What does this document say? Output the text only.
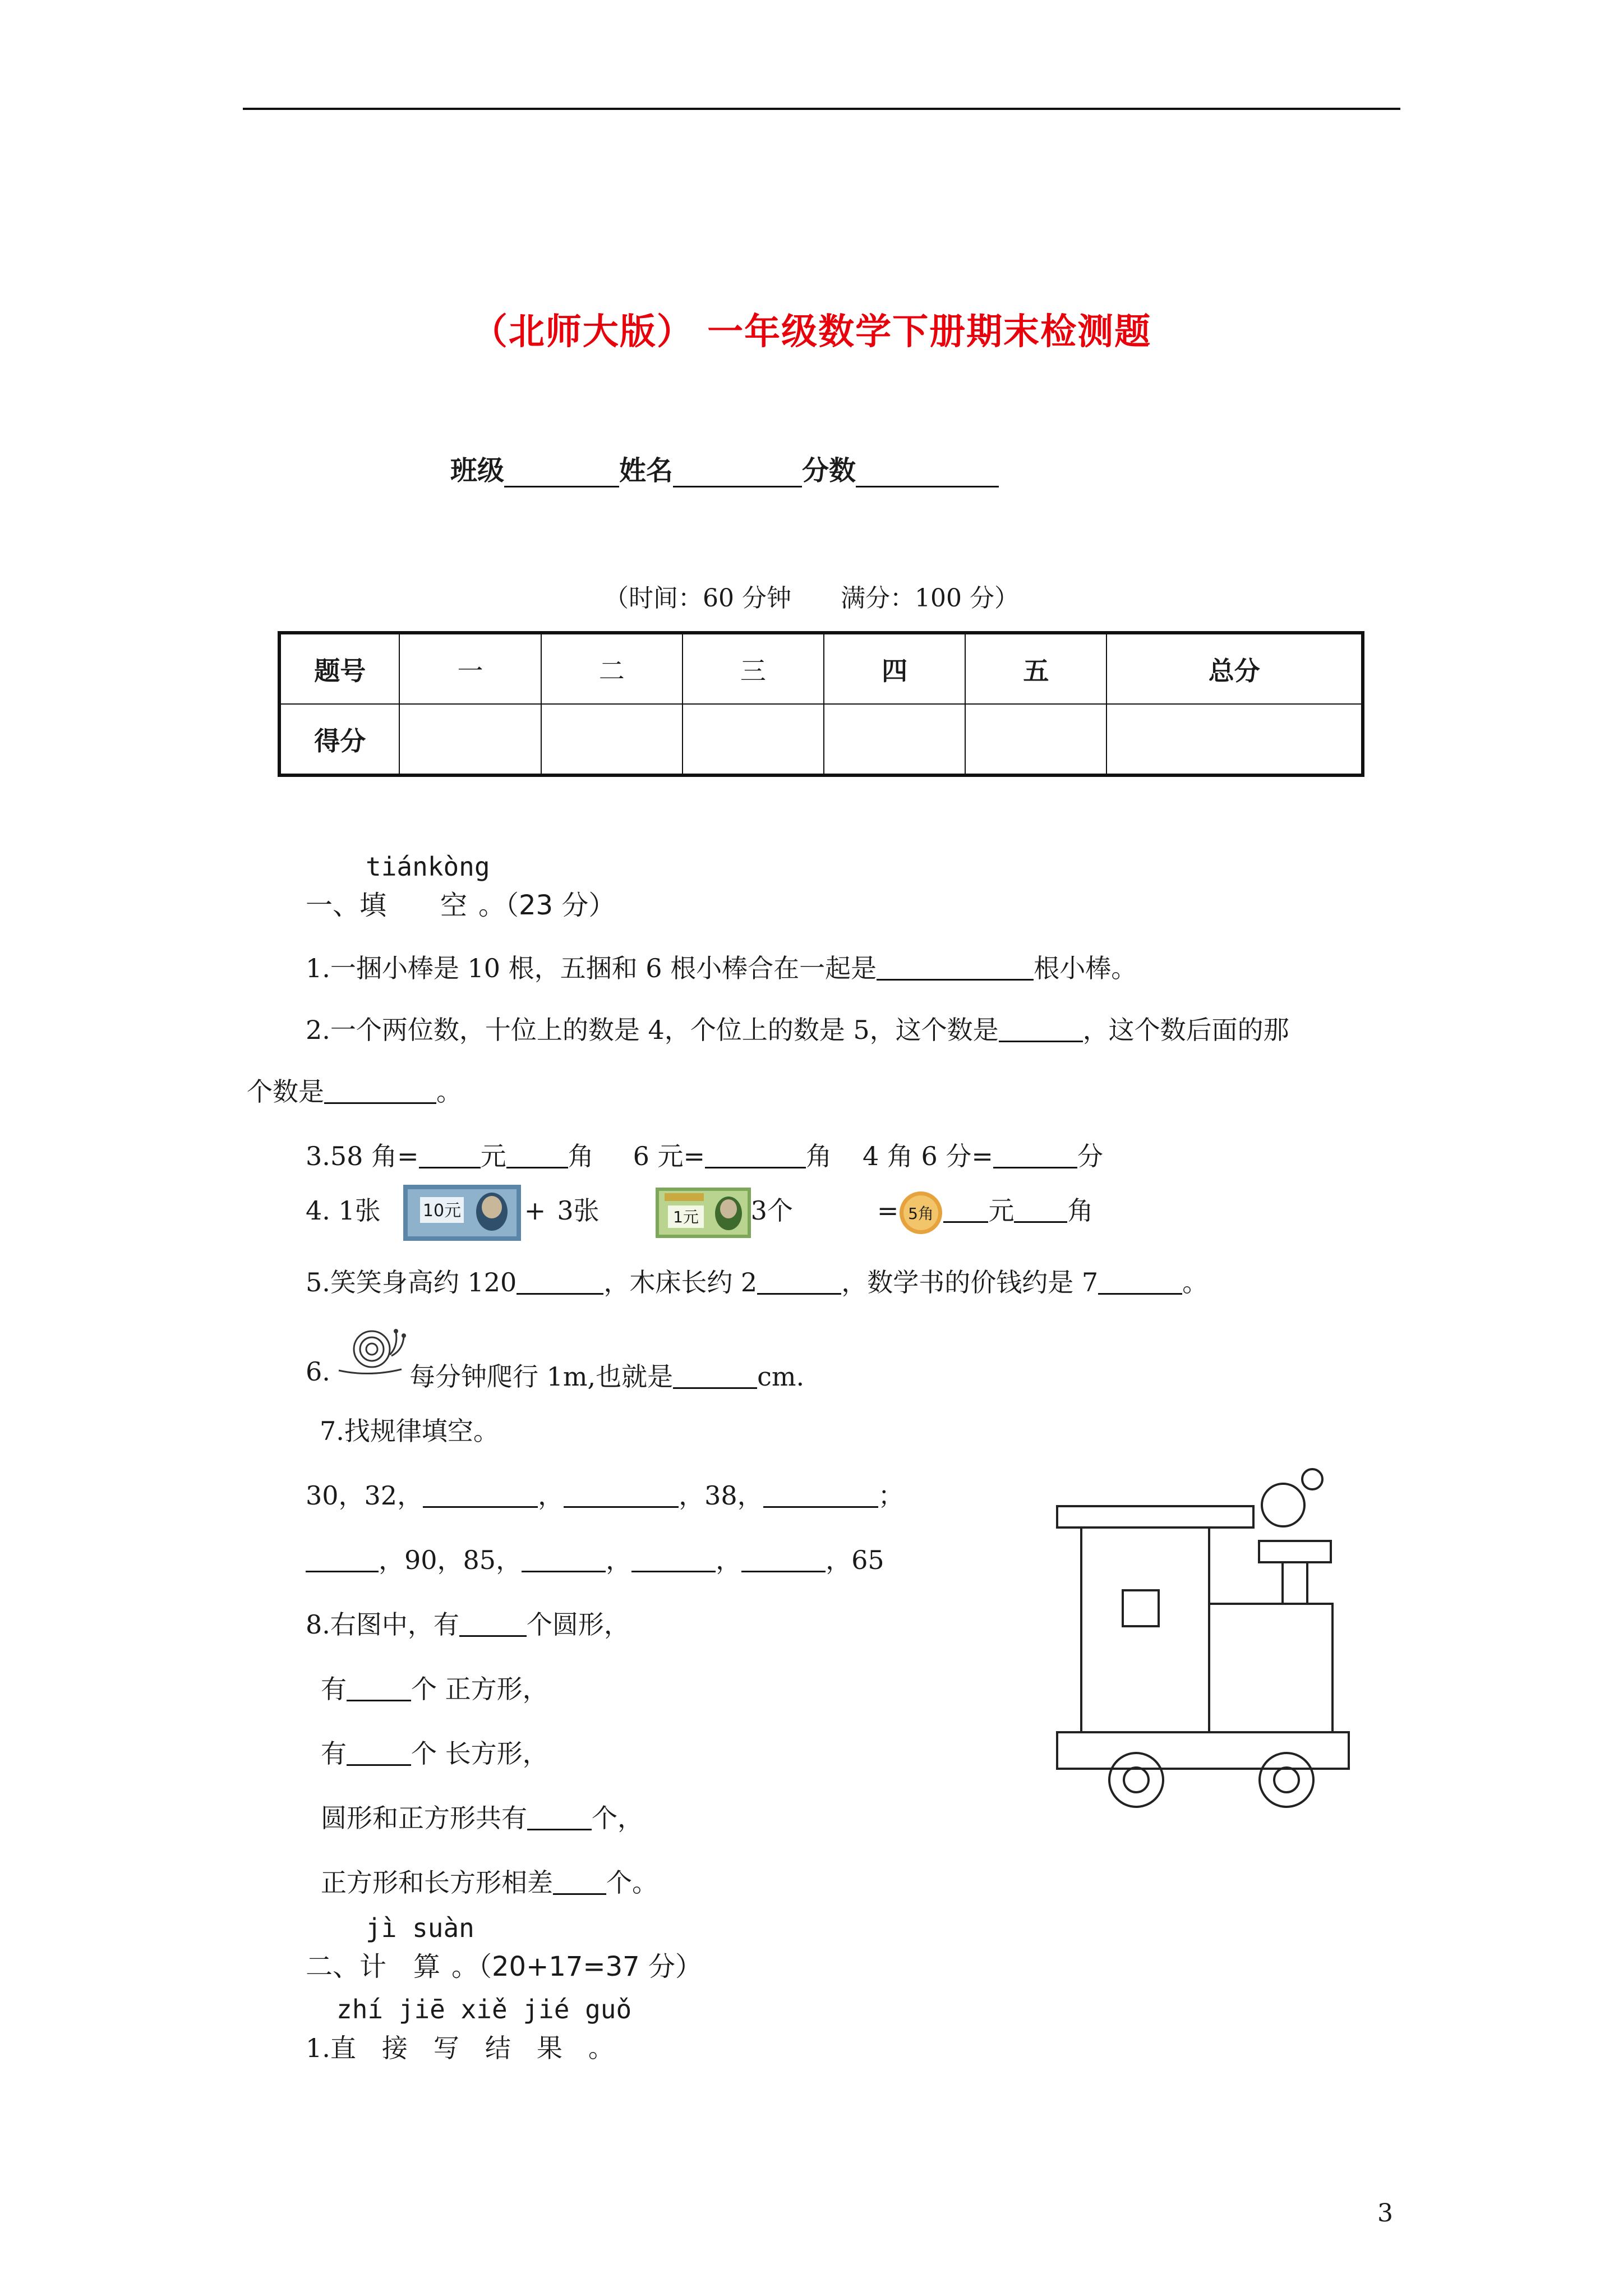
（北师大版） 一年级数学下册期末检测题
班级	姓名	分数
（时间：60 分钟　　满分：100 分）
题号	一	二	三	四	五	总分
得分						
tiánkòng
一、填　　空 。（23 分）
1.一捆小棒是 10 根，五捆和 6 根小棒合在一起是	根小棒。
2.一个两位数，十位上的数是 4，个位上的数是 5，这个数是	，这个数后面的那
个数是	。
3.58 角= 元 角 6 元=	角 4 角 6 分=	分
4. 1张 10元 + 3张	1元 3个	= 5角 元 角
5.笑笑身高约 120	，木床长约 2	，数学书的价钱约是 7	。
6.	每分钟爬行 1m,也就是	cm.
7.找规律填空。
30，32，	，	，38，	；
，90，85，	，	，	，65
8.右图中，有	个圆形，
有	个 正方形，
有	个 长方形，
圆形和正方形共有	个，
正方形和长方形相差 个。
jì suàn
二、计　算 。（20+17=37 分）
zhí jiē xiě jié guǒ
1.直　接　写　结　果　。
3
